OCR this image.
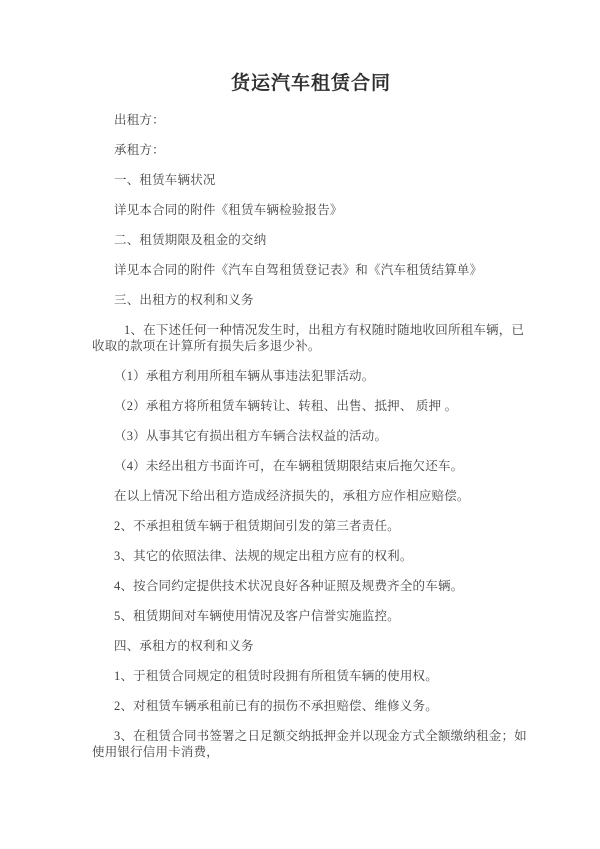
货运汽车租赁合同

出租方：

承租方：

一、租赁车辆状况

详见本合同的附件《租赁车辆检验报告》

二、租赁期限及租金的交纳

详见本合同的附件《汽车自驾租赁登记表》和《汽车租赁结算单》

三、出租方的权利和义务

1、在下述任何一种情况发生时，出租方有权随时随地收回所租车辆，已收取的款项在计算所有损失后多退少补。

（1）承租方利用所租车辆从事违法犯罪活动。

（2）承租方将所租赁车辆转让、转租、出售、抵押、 质押 。

（3）从事其它有损出租方车辆合法权益的活动。

（4）未经出租方书面许可，在车辆租赁期限结束后拖欠还车。

在以上情况下给出租方造成经济损失的，承租方应作相应赔偿。

2、不承担租赁车辆于租赁期间引发的第三者责任。

3、其它的依照法律、法规的规定出租方应有的权利。

4、按合同约定提供技术状况良好各种证照及规费齐全的车辆。

5、租赁期间对车辆使用情况及客户信誉实施监控。

四、承租方的权利和义务

1、于租赁合同规定的租赁时段拥有所租赁车辆的使用权。

2、对租赁车辆承租前已有的损伤不承担赔偿、维修义务。

3、在租赁合同书签署之日足额交纳抵押金并以现金方式全额缴纳租金；如使用银行信用卡消费，
